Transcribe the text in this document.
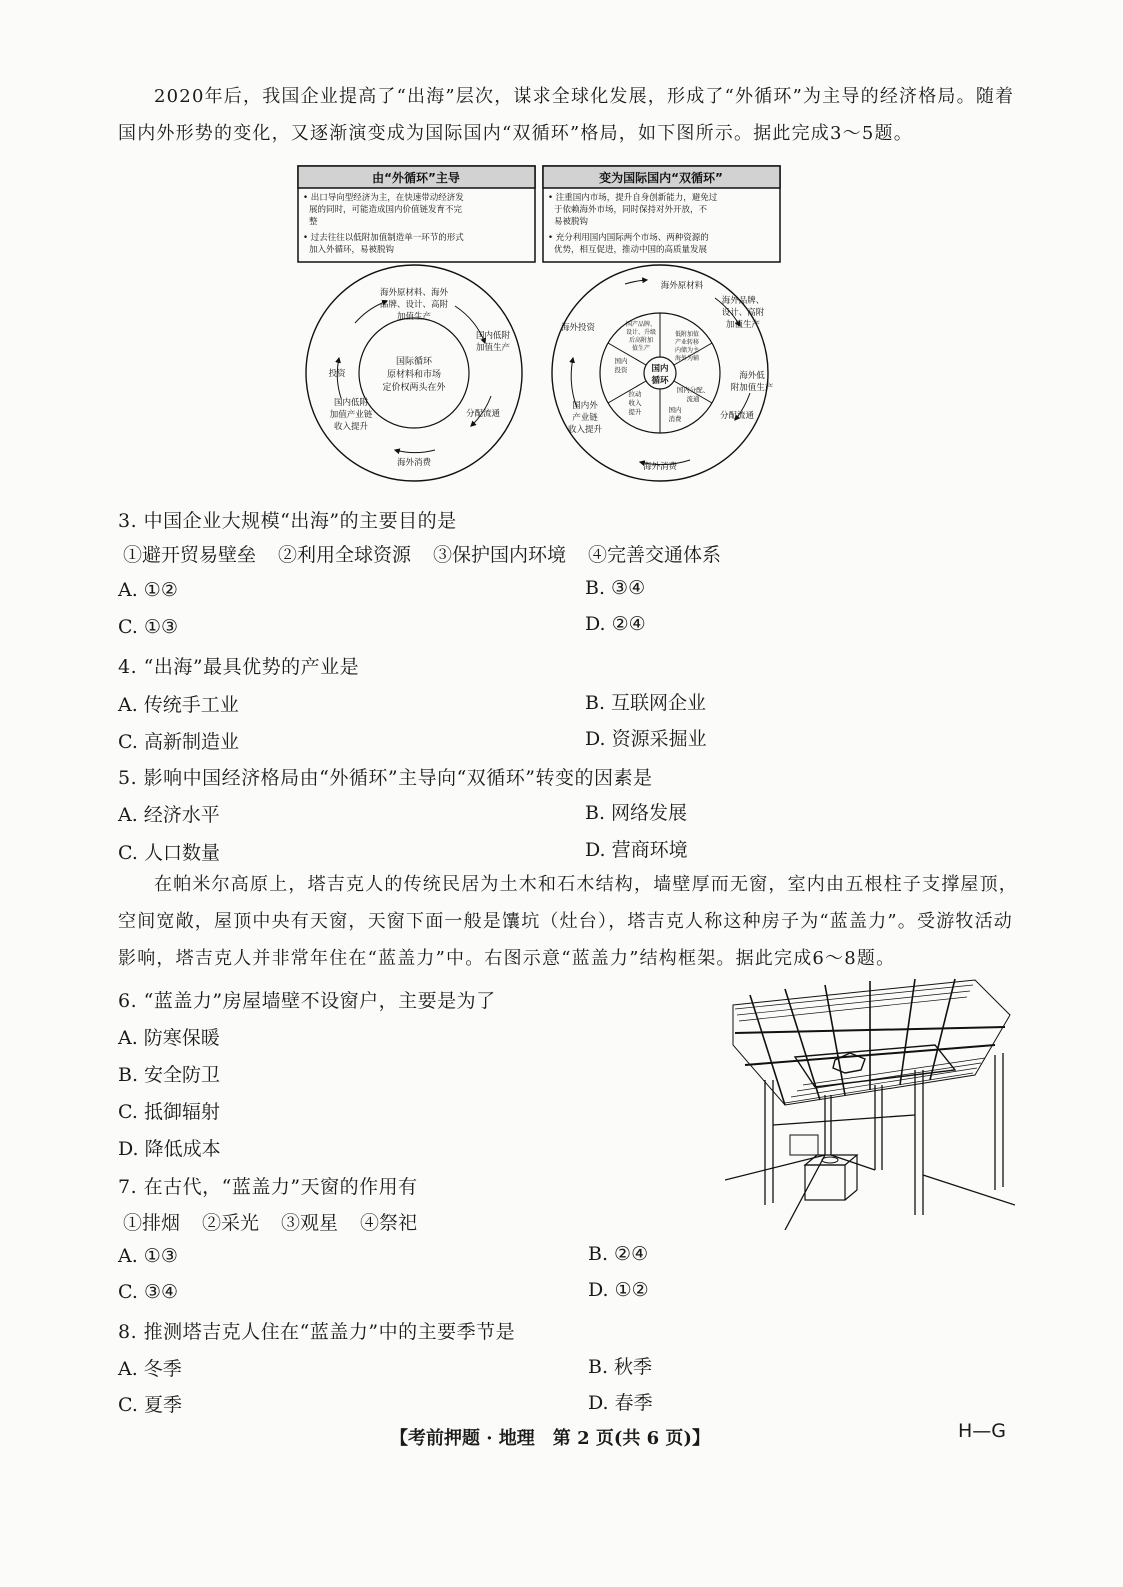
2020年后，我国企业提高了“出海”层次，谋求全球化发展，形成了“外循环”为主导的经济格局。随着国内外形势的变化，又逐渐演变成为国际国内“双循环”格局，如下图所示。据此完成3～5题。
由“外循环”主导
• 出口导向型经济为主，在快速带动经济发
展的同时，可能造成国内价值链发育不完
整
• 过去往往以低附加值制造单一环节的形式
加入外循环，易被脱钩
变为国际国内“双循环”
• 注重国内市场，提升自身创新能力，避免过
于依赖海外市场，同时保持对外开放，不
易被脱钩
• 充分利用国内国际两个市场、两种资源的
优势，相互促进，推动中国的高质量发展
国际循环
原材料和市场
定价权两头在外
海外原材料、海外
品牌、设计、高附
加值生产
国内低附
加值生产
投资
国内低附
加值产业链
收入提升
分配流通
海外消费
国内
循环
海外原材料
海外品牌、
设计、高附
加值生产
海外低
附加值生产
海外投资
国内外
产业链
收入提升
分配流通
海外消费
国产品牌、
设计、升级
后高附加
值生产
低附加值
产业转移
内储为主
海外为辅
国内分配、
流通
国内
消费
拉动
收入
提升
国内
投资
3. 中国企业大规模“出海”的主要目的是
①避开贸易壁垒 ②利用全球资源 ③保护国内环境 ④完善交通体系
A. ①②	B. ③④
C. ①③	D. ②④
4. “出海”最具优势的产业是
A. 传统手工业	B. 互联网企业
C. 高新制造业	D. 资源采掘业
5. 影响中国经济格局由“外循环”主导向“双循环”转变的因素是
A. 经济水平	B. 网络发展
C. 人口数量	D. 营商环境
在帕米尔高原上，塔吉克人的传统民居为土木和石木结构，墙壁厚而无窗，室内由五根柱子支撑屋顶，空间宽敞，屋顶中央有天窗，天窗下面一般是馕坑（灶台），塔吉克人称这种房子为“蓝盖力”。受游牧活动影响，塔吉克人并非常年住在“蓝盖力”中。右图示意“蓝盖力”结构框架。据此完成6～8题。
6. “蓝盖力”房屋墙壁不设窗户，主要是为了
A. 防寒保暖
B. 安全防卫
C. 抵御辐射
D. 降低成本
7. 在古代，“蓝盖力”天窗的作用有
①排烟 ②采光 ③观星 ④祭祀
A. ①③	B. ②④
C. ③④	D. ①②
8. 推测塔吉克人住在“蓝盖力”中的主要季节是
A. 冬季	B. 秋季
C. 夏季	D. 春季
【考前押题 · 地理　第 2 页(共 6 页)】	H—G
